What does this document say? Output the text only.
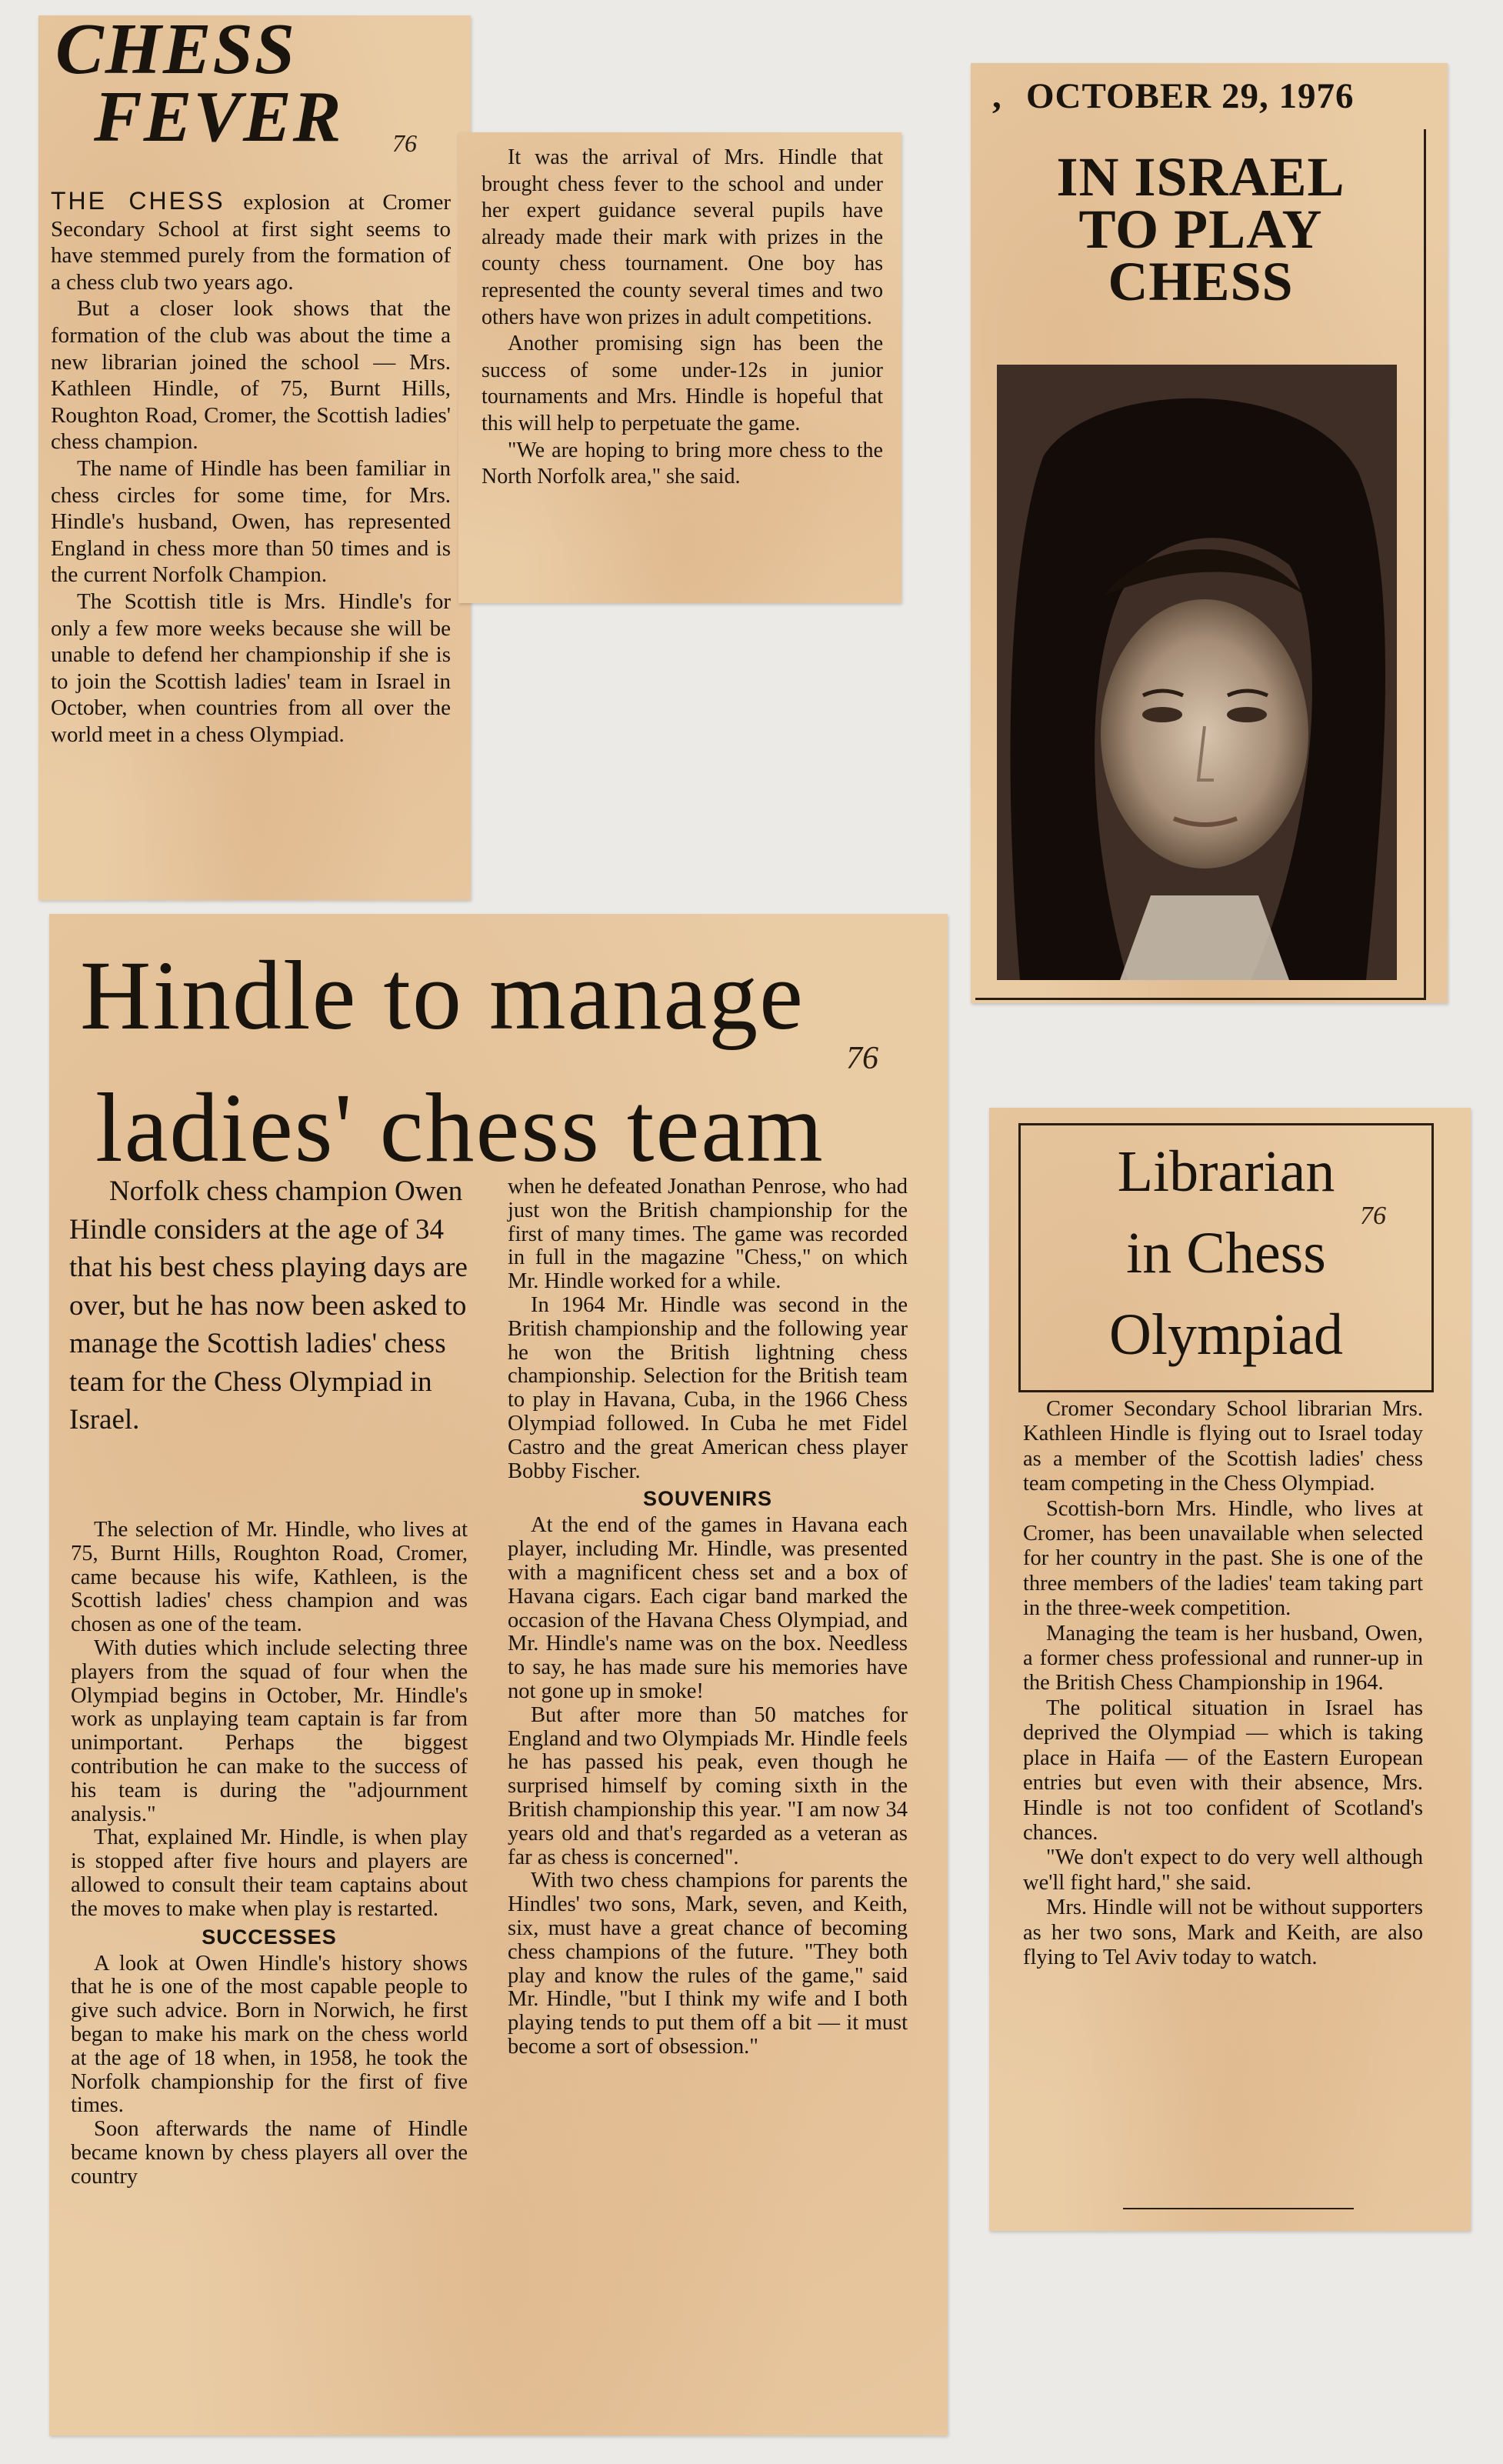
CHESS
FEVER	76

THE CHESS explosion at Cromer Secondary School at first sight seems to have stemmed purely from the formation of a chess club two years ago.

But a closer look shows that the formation of the club was about the time a new librarian joined the school — Mrs. Kathleen Hindle, of 75, Burnt Hills, Roughton Road, Cromer, the Scottish ladies' chess champion.

The name of Hindle has been familiar in chess circles for some time, for Mrs. Hindle's husband, Owen, has represented England in chess more than 50 times and is the current Norfolk Champion.

The Scottish title is Mrs. Hindle's for only a few more weeks because she will be unable to defend her championship if she is to join the Scottish ladies' team in Israel in October, when countries from all over the world meet in a chess Olympiad.

It was the arrival of Mrs. Hindle that brought chess fever to the school and under her expert guidance several pupils have already made their mark with prizes in the county chess tournament. One boy has represented the county several times and two others have won prizes in adult competitions.

Another promising sign has been the success of some under-12s in junior tournaments and Mrs. Hindle is hopeful that this will help to perpetuate the game.

"We are hoping to bring more chess to the North Norfolk area," she said.

, OCTOBER 29, 1976
IN ISRAEL
TO PLAY
CHESS
Hindle to manage
ladies' chess team
76

Norfolk chess champion Owen Hindle considers at the age of 34 that his best chess playing days are over, but he has now been asked to manage the Scottish ladies' chess team for the Chess Olympiad in Israel.

The selection of Mr. Hindle, who lives at 75, Burnt Hills, Roughton Road, Cromer, came because his wife, Kathleen, is the Scottish ladies' chess champion and was chosen as one of the team.

With duties which include selecting three players from the squad of four when the Olympiad begins in October, Mr. Hindle's work as unplaying team captain is far from unimportant. Perhaps the biggest contribution he can make to the success of his team is during the "adjournment analysis."

That, explained Mr. Hindle, is when play is stopped after five hours and players are allowed to consult their team captains about the moves to make when play is restarted.

SUCCESSES

A look at Owen Hindle's history shows that he is one of the most capable people to give such advice. Born in Norwich, he first began to make his mark on the chess world at the age of 18 when, in 1958, he took the Norfolk championship for the first of five times.

Soon afterwards the name of Hindle became known by chess players all over the country

when he defeated Jonathan Penrose, who had just won the British championship for the first of many times. The game was recorded in full in the magazine "Chess," on which Mr. Hindle worked for a while.

In 1964 Mr. Hindle was second in the British championship and the following year he won the British lightning chess championship. Selection for the British team to play in Havana, Cuba, in the 1966 Chess Olympiad followed. In Cuba he met Fidel Castro and the great American chess player Bobby Fischer.

SOUVENIRS

At the end of the games in Havana each player, including Mr. Hindle, was presented with a magnificent chess set and a box of Havana cigars. Each cigar band marked the occasion of the Havana Chess Olympiad, and Mr. Hindle's name was on the box. Needless to say, he has made sure his memories have not gone up in smoke!

But after more than 50 matches for England and two Olympiads Mr. Hindle feels he has passed his peak, even though he surprised himself by coming sixth in the British championship this year. "I am now 34 years old and that's regarded as a veteran as far as chess is concerned".

With two chess champions for parents the Hindles' two sons, Mark, seven, and Keith, six, must have a great chance of becoming chess champions of the future. "They both play and know the rules of the game," said Mr. Hindle, "but I think my wife and I both playing tends to put them off a bit — it must become a sort of obsession."

Librarian
in Chess
Olympiad
76

Cromer Secondary School librarian Mrs. Kathleen Hindle is flying out to Israel today as a member of the Scottish ladies' chess team competing in the Chess Olympiad.

Scottish-born Mrs. Hindle, who lives at Cromer, has been unavailable when selected for her country in the past. She is one of the three members of the ladies' team taking part in the three-week competition.

Managing the team is her husband, Owen, a former chess professional and runner-up in the British Chess Championship in 1964.

The political situation in Israel has deprived the Olympiad — which is taking place in Haifa — of the Eastern European entries but even with their absence, Mrs. Hindle is not too confident of Scotland's chances.

"We don't expect to do very well although we'll fight hard," she said.

Mrs. Hindle will not be without supporters as her two sons, Mark and Keith, are also flying to Tel Aviv today to watch.
